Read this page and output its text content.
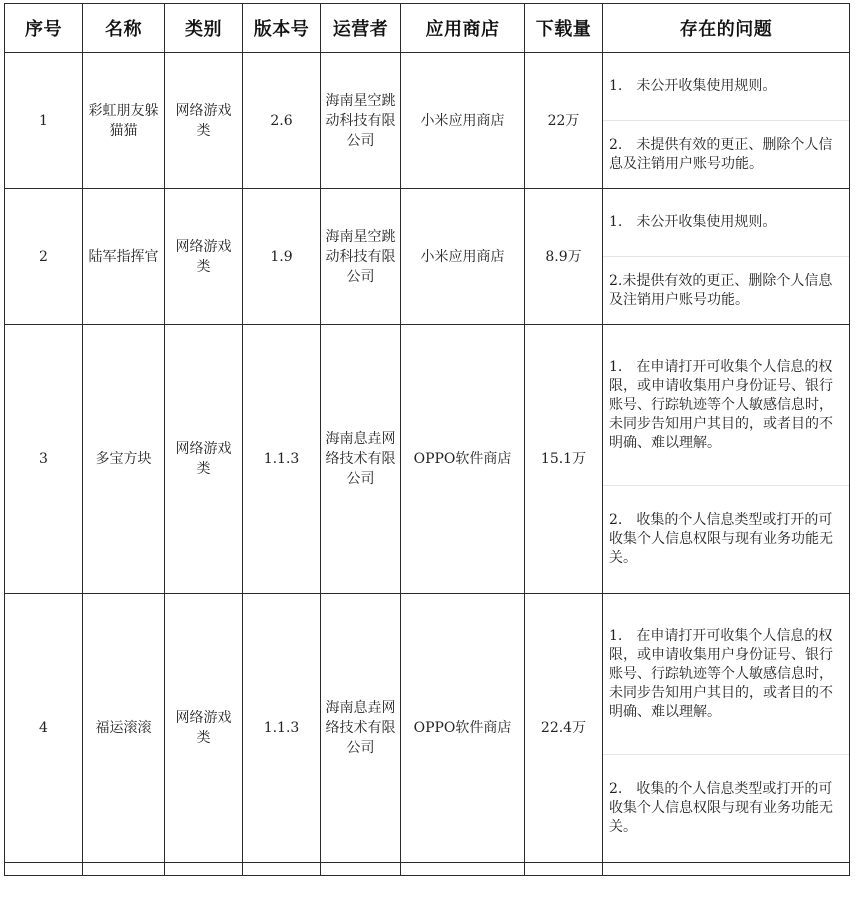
序号	名称	类别	版本号	运营者	应用商店	下载量	存在的问题
1	彩虹朋友躲猫猫	网络游戏类	2.6	海南星空跳动科技有限公司	小米应用商店	22万	1.　未公开收集使用规则。
2.　未提供有效的更正、删除个人信息及注销用户账号功能。

2	陆军指挥官	网络游戏类	1.9	海南星空跳动科技有限公司	小米应用商店	8.9万	1.　未公开收集使用规则。
2.未提供有效的更正、删除个人信息及注销用户账号功能。

3	多宝方块	网络游戏类	1.1.3	海南息垚网络技术有限公司	OPPO软件商店	15.1万	1.　在申请打开可收集个人信息的权限，或申请收集用户身份证号、银行账号、行踪轨迹等个人敏感信息时，未同步告知用户其目的，或者目的不明确、难以理解。
2.　收集的个人信息类型或打开的可收集个人信息权限与现有业务功能无关。

4	福运滚滚	网络游戏类	1.1.3	海南息垚网络技术有限公司	OPPO软件商店	22.4万	1.　在申请打开可收集个人信息的权限，或申请收集用户身份证号、银行账号、行踪轨迹等个人敏感信息时，未同步告知用户其目的，或者目的不明确、难以理解。
2.　收集的个人信息类型或打开的可收集个人信息权限与现有业务功能无关。
